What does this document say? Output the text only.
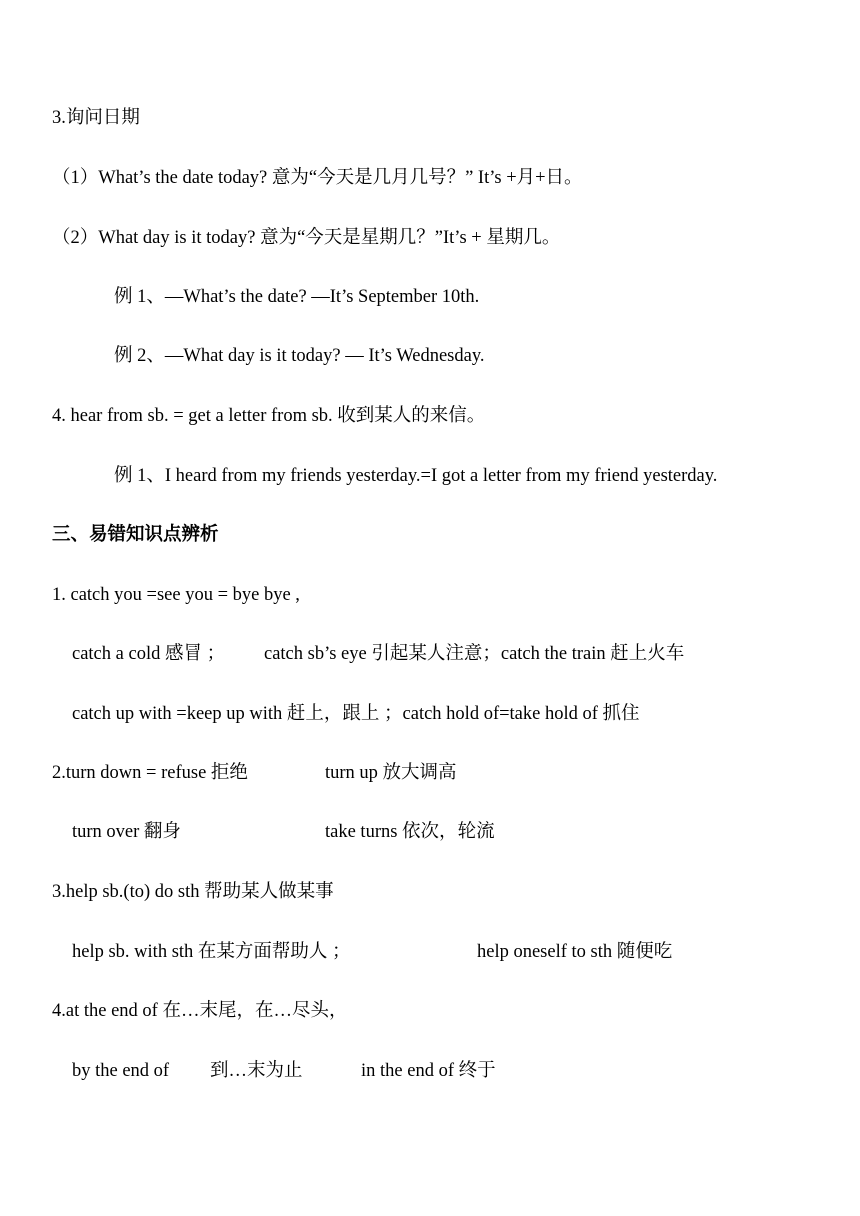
3.询问日期
（1）What’s the date today? 意为“今天是几月几号？” It’s +月+日。
（2）What day is it today? 意为“今天是星期几？”It’s + 星期几。
例 1、—What’s the date? —It’s September 10th.
例 2、—What day is it today? — It’s Wednesday.
4. hear from sb. = get a letter from sb. 收到某人的来信。
例 1、I heard from my friends yesterday.=I got a letter from my friend yesterday.
三、易错知识点辨析
1. catch you =see you = bye bye ,
catch a cold 感冒 ； catch sb’s eye 引起某人注意；catch the train 赶上火车
catch up with =keep up with 赶上，跟上 ；catch hold of=take hold of 抓住
2.turn down = refuse 拒绝	turn up 放大调高
turn over 翻身	take turns 依次，轮流
3.help sb.(to) do sth 帮助某人做某事
help sb. with sth 在某方面帮助人 ；	help oneself to sth 随便吃
4.at the end of 在…末尾，在…尽头，
by the end of 到…末为止	in the end of 终于
